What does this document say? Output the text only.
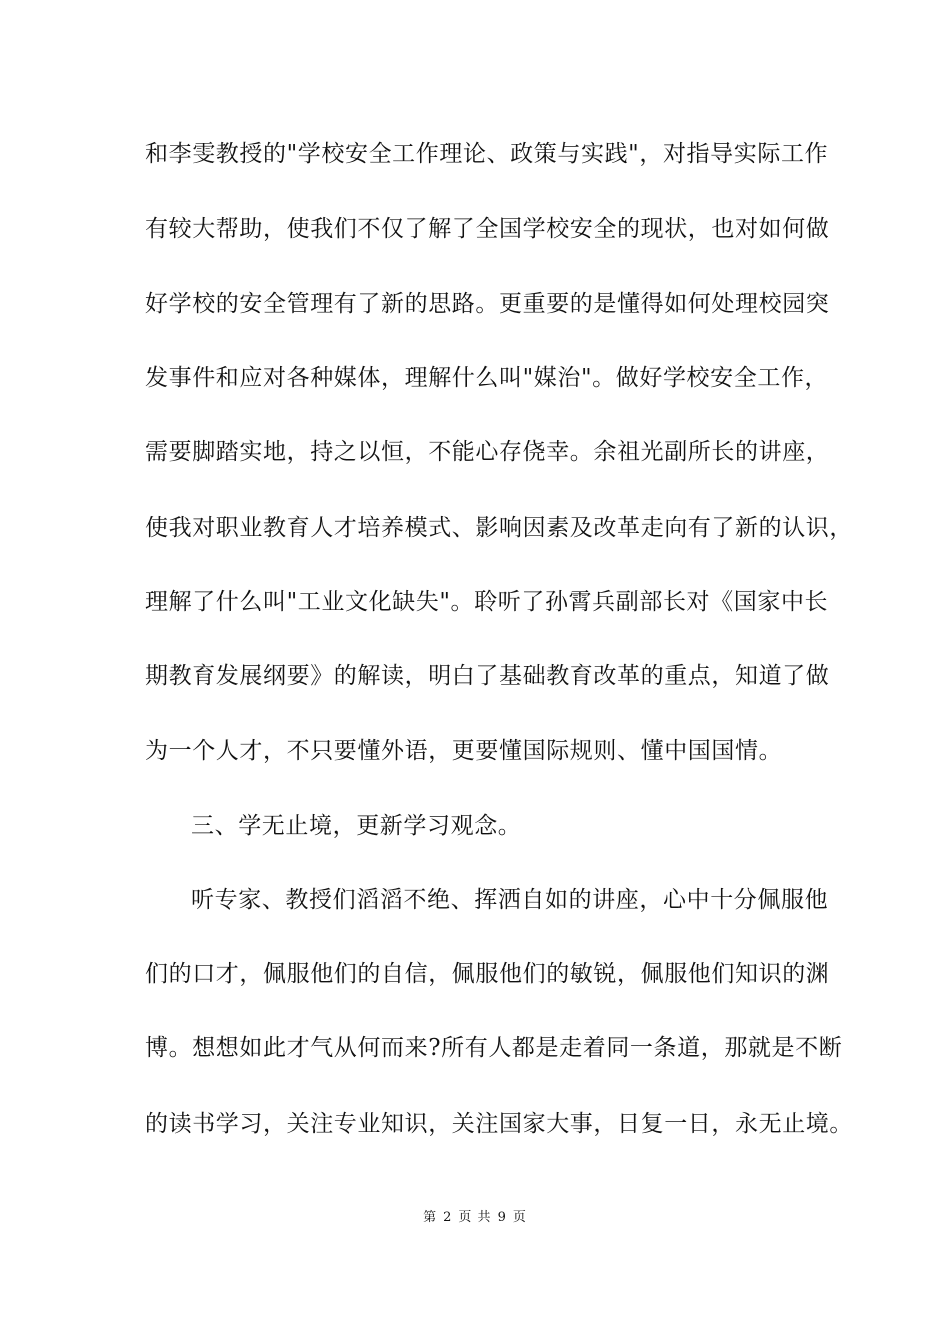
和李雯教授的"学校安全工作理论、政策与实践"，对指导实际工作
有较大帮助，使我们不仅了解了全国学校安全的现状，也对如何做
好学校的安全管理有了新的思路。更重要的是懂得如何处理校园突
发事件和应对各种媒体，理解什么叫"媒治"。做好学校安全工作，
需要脚踏实地，持之以恒，不能心存侥幸。余祖光副所长的讲座，
使我对职业教育人才培养模式、影响因素及改革走向有了新的认识，
理解了什么叫"工业文化缺失"。聆听了孙霄兵副部长对《国家中长
期教育发展纲要》的解读，明白了基础教育改革的重点，知道了做
为一个人才，不只要懂外语，更要懂国际规则、懂中国国情。
三、学无止境，更新学习观念。
听专家、教授们滔滔不绝、挥洒自如的讲座，心中十分佩服他
们的口才，佩服他们的自信，佩服他们的敏锐，佩服他们知识的渊
博。想想如此才气从何而来?所有人都是走着同一条道，那就是不断
的读书学习，关注专业知识，关注国家大事，日复一日，永无止境。
第 2 页 共 9 页
